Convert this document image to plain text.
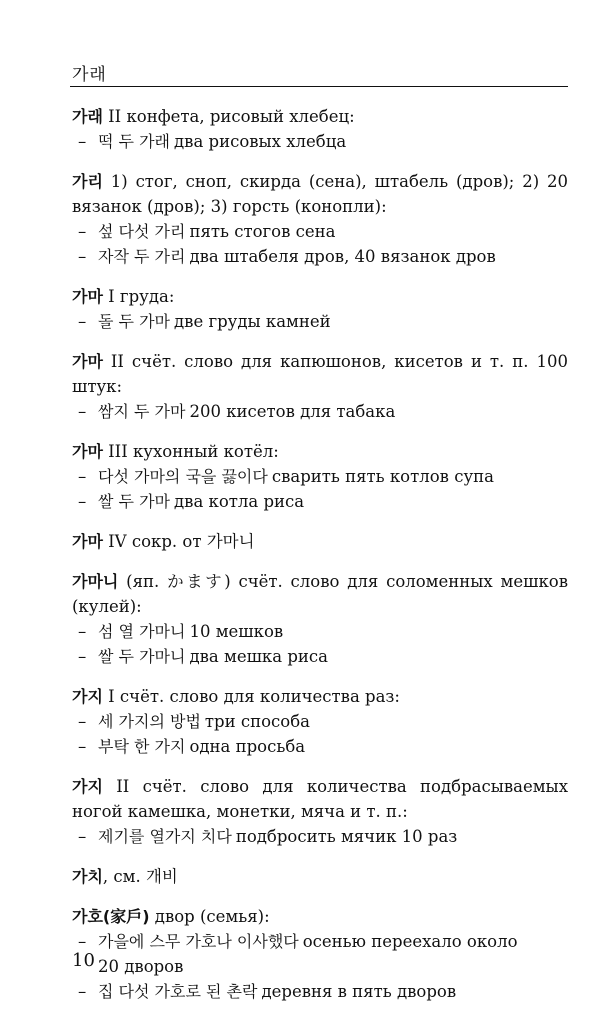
가래
가래 II конфета, рисовый хлебец:
– 떡 두 가래 два рисовых хлебца
가리 1) стог, сноп, скирда (сена), штабель (дров); 2) 20 вязанок (дров); 3) горсть (конопли):
– 섶 다섯 가리 пять стогов сена
– 자작 두 가리 два штабеля дров, 40 вязанок дров
가마 I груда:
– 돌 두 가마 две груды камней
가마 II счёт. слово для капюшонов, кисетов и т. п. 100 штук:
– 쌈지 두 가마 200 кисетов для табака
가마 III кухонный котёл:
– 다섯 가마의 국을 끓이다 сварить пять котлов супа
– 쌀 두 가마 два котла риса
가마 IV сокр. от 가마니
가마니 (яп. かます) счёт. слово для соломенных мешков (кулей):
– 섬 열 가마니 10 мешков
– 쌀 두 가마니 два мешка риса
가지 I счёт. слово для количества раз:
– 세 가지의 방법 три способа
– 부탁 한 가지 одна просьба
가지 II счёт. слово для количества подбрасываемых ногой камешка, монетки, мяча и т. п.:
– 제기를 열가지 치다 подбросить мячик 10 раз
가치, см. 개비
가호(家戶) двор (семья):
– 가을에 스무 가호나 이사했다 осенью переехало около
20 дворов
– 집 다섯 가호로 된 촌락 деревня в пять дворов
10
